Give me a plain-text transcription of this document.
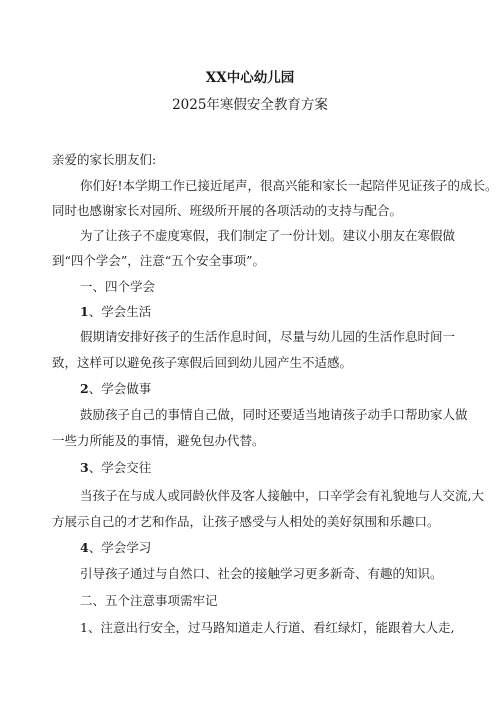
XX中心幼儿园
2025年寒假安全教育方案
亲爱的家长朋友们:
你们好!本学期工作已接近尾声，很高兴能和家长一起陪伴见证孩子的成长。
同时也感谢家长对园所、班级所开展的各项活动的支持与配合。
为了让孩子不虚度寒假，我们制定了一份计划。建议小朋友在寒假做
到“四个学会”，注意“五个安全事项”。
一、四个学会
1、学会生活
假期请安排好孩子的生活作息时间，尽量与幼儿园的生活作息时间一
致，这样可以避免孩子寒假后回到幼儿园产生不适感。
2、学会做事
鼓励孩子自己的事情自己做，同时还要适当地请孩子动手口帮助家人做
一些力所能及的事情，避免包办代替。
3、学会交往
当孩子在与成人或同龄伙伴及客人接触中，口辛学会有礼貌地与人交流,大
方展示自己的才艺和作品，让孩子感受与人相处的美好氛围和乐趣口。
4、学会学习
引导孩子通过与自然口、社会的接触学习更多新奇、有趣的知识。
二、五个注意事项需牢记
1、注意出行安全，过马路知道走人行道、看红绿灯，能跟着大人走,
